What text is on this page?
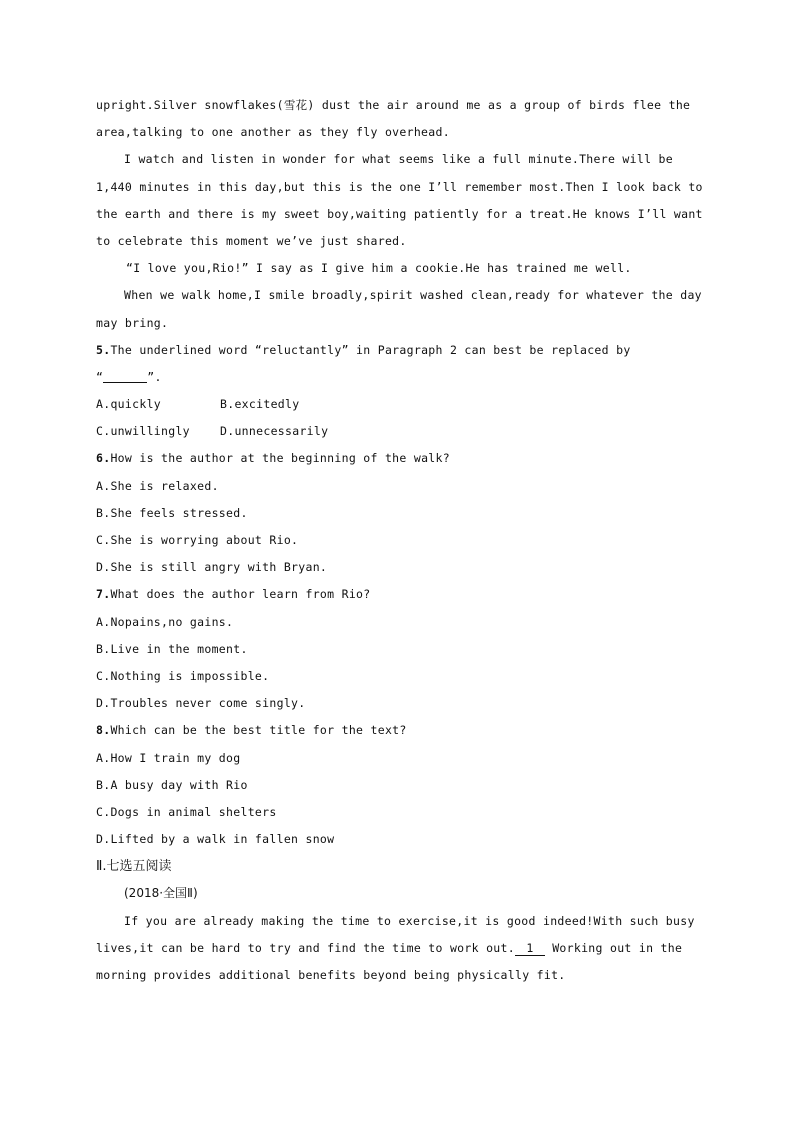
upright.Silver snowflakes(雪花) dust the air around me as a group of birds flee the
area,talking to one another as they fly overhead.
I watch and listen in wonder for what seems like a full minute.There will be
1,440 minutes in this day,but this is the one I’ll remember most.Then I look back to
the earth and there is my sweet boy,waiting patiently for a treat.He knows I’ll want
to celebrate this moment we’ve just shared.
“I love you,Rio!” I say as I give him a cookie.He has trained me well.
When we walk home,I smile broadly,spirit washed clean,ready for whatever the day
may bring.
5.The underlined word “reluctantly” in Paragraph 2 can best be replaced by
“	”.
A.quickly	B.excitedly
C.unwillingly	D.unnecessarily
6.How is the author at the beginning of the walk?
A.She is relaxed.
B.She feels stressed.
C.She is worrying about Rio.
D.She is still angry with Bryan.
7.What does the author learn from Rio?
A.Nopains,no gains.
B.Live in the moment.
C.Nothing is impossible.
D.Troubles never come singly.
8.Which can be the best title for the text?
A.How I train my dog
B.A busy day with Rio
C.Dogs in animal shelters
D.Lifted by a walk in fallen snow
Ⅱ.七选五阅读
(2018·全国Ⅱ)
If you are already making the time to exercise,it is good indeed!With such busy
lives,it can be hard to try and find the time to work out. 1 Working out in the
morning provides additional benefits beyond being physically fit.
